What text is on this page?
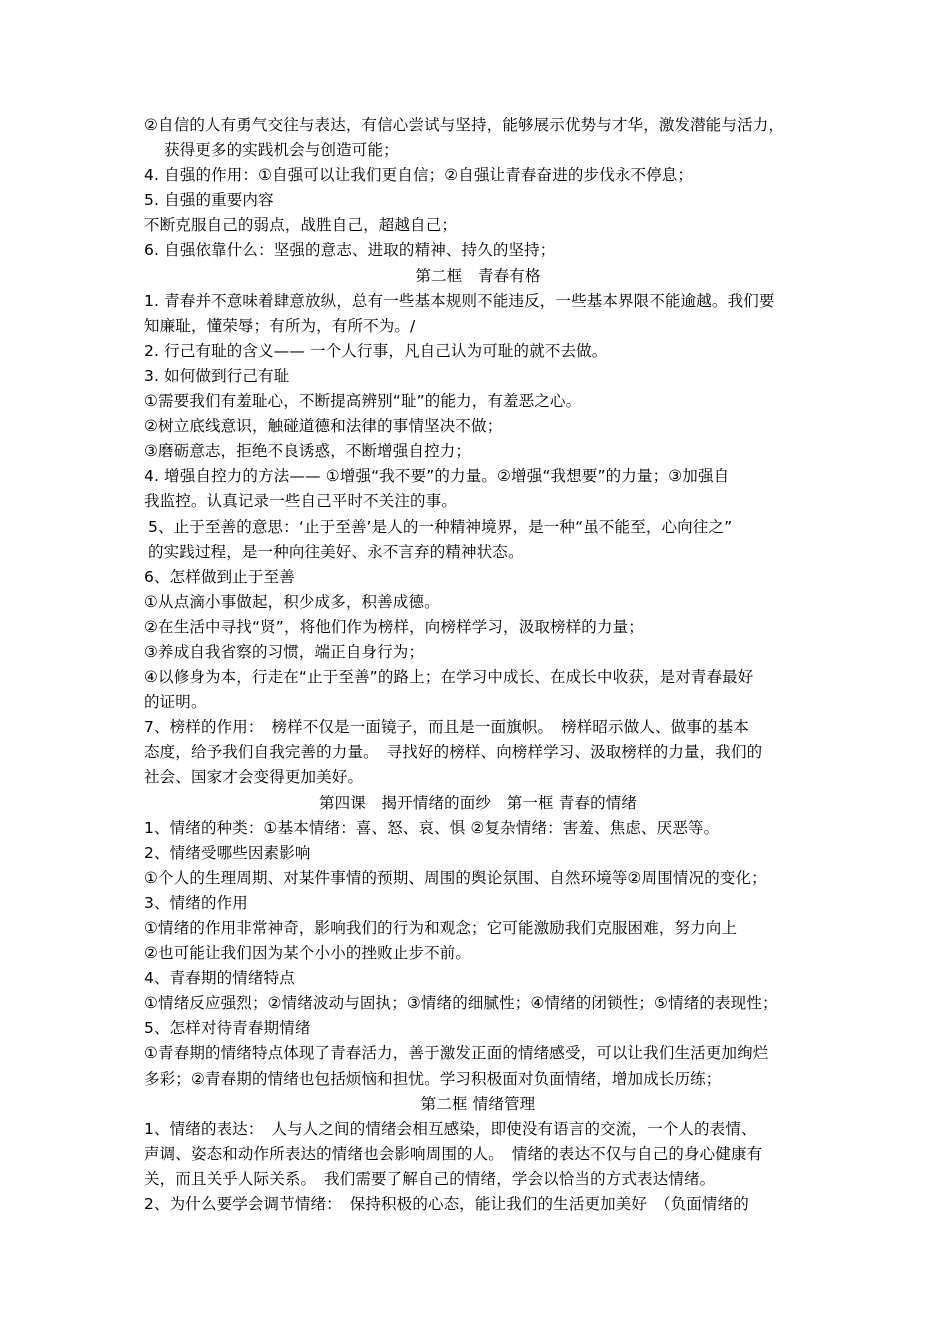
②自信的人有勇气交往与表达，有信心尝试与坚持，能够展示优势与才华，激发潜能与活力，
获得更多的实践机会与创造可能；
4. 自强的作用：①自强可以让我们更自信；②自强让青春奋进的步伐永不停息；
5. 自强的重要内容
不断克服自己的弱点，战胜自己，超越自己；
6. 自强依靠什么：坚强的意志、进取的精神、持久的坚持；
第二框　青春有格
1. 青春并不意味着肆意放纵，总有一些基本规则不能违反，一些基本界限不能逾越。我们要
知廉耻，懂荣辱；有所为，有所不为。/
2. 行己有耻的含义—— 一个人行事，凡自己认为可耻的就不去做。
3. 如何做到行己有耻
①需要我们有羞耻心，不断提高辨别“耻”的能力，有羞恶之心。
②树立底线意识，触碰道德和法律的事情坚决不做；
③磨砺意志，拒绝不良诱惑，不断增强自控力；
4. 增强自控力的方法—— ①增强“我不要”的力量。②增强“我想要”的力量；③加强自
我监控。认真记录一些自己平时不关注的事。
5、止于至善的意思：‘止于至善’是人的一种精神境界，是一种“虽不能至，心向往之”
的实践过程，是一种向往美好、永不言弃的精神状态。
6、怎样做到止于至善
①从点滴小事做起，积少成多，积善成德。
②在生活中寻找“贤”，将他们作为榜样，向榜样学习，汲取榜样的力量；
③养成自我省察的习惯，端正自身行为；
④以修身为本，行走在“止于至善”的路上；在学习中成长、在成长中收获，是对青春最好
的证明。
7、榜样的作用：　榜样不仅是一面镜子，而且是一面旗帜。　榜样昭示做人、做事的基本
态度，给予我们自我完善的力量。　寻找好的榜样、向榜样学习、汲取榜样的力量，我们的
社会、国家才会变得更加美好。
第四课　揭开情绪的面纱　第一框 青春的情绪
1、情绪的种类：①基本情绪：喜、怒、哀、惧 ②复杂情绪：害羞、焦虑、厌恶等。
2、情绪受哪些因素影响
①个人的生理周期、对某件事情的预期、周围的舆论氛围、自然环境等②周围情况的变化；
3、情绪的作用
①情绪的作用非常神奇，影响我们的行为和观念；它可能激励我们克服困难，努力向上
②也可能让我们因为某个小小的挫败止步不前。
4、青春期的情绪特点
①情绪反应强烈；②情绪波动与固执；③情绪的细腻性；④情绪的闭锁性；⑤情绪的表现性；
5、怎样对待青春期情绪
①青春期的情绪特点体现了青春活力，善于激发正面的情绪感受，可以让我们生活更加绚烂
多彩；②青春期的情绪也包括烦恼和担忧。学习积极面对负面情绪，增加成长历练；
第二框 情绪管理
1、情绪的表达：　人与人之间的情绪会相互感染，即使没有语言的交流，一个人的表情、
声调、姿态和动作所表达的情绪也会影响周围的人。　情绪的表达不仅与自己的身心健康有
关，而且关乎人际关系。　我们需要了解自己的情绪，学会以恰当的方式表达情绪。
2、为什么要学会调节情绪：　保持积极的心态，能让我们的生活更加美好　（负面情绪的
